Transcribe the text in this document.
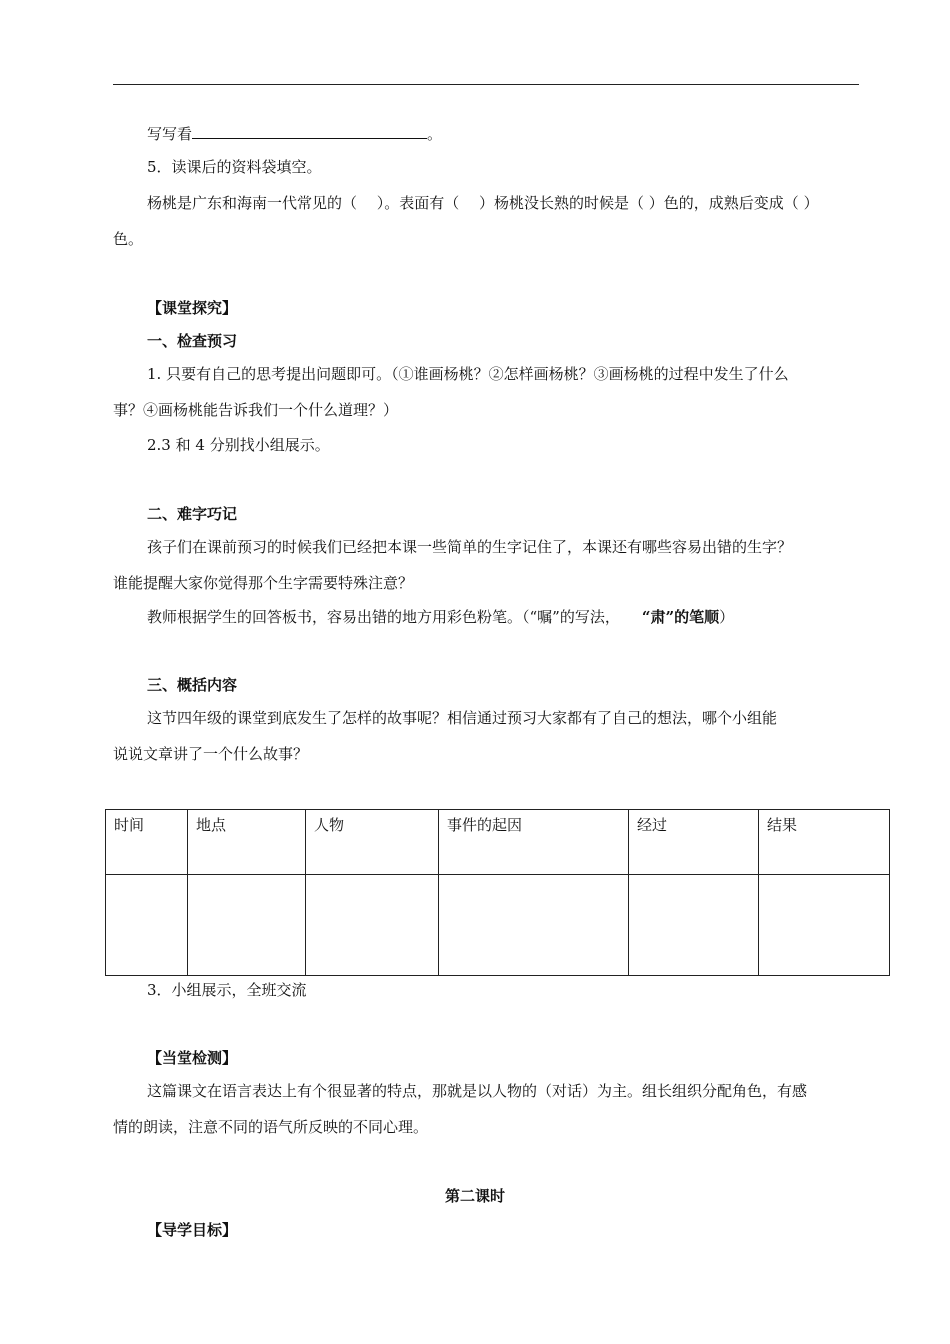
写写看	。
5．读课后的资料袋填空。
杨桃是广东和海南一代常见的（　 ）。表面有（　 ）杨桃没长熟的时候是（ ）色的，成熟后变成（ ）
色。
【课堂探究】
一、检查预习
1. 只要有自己的思考提出问题即可。（①谁画杨桃？②怎样画杨桃？③画杨桃的过程中发生了什么
事？④画杨桃能告诉我们一个什么道理？）
2.3 和 4 分别找小组展示。
二、难字巧记
孩子们在课前预习的时候我们已经把本课一些简单的生字记住了，本课还有哪些容易出错的生字？
谁能提醒大家你觉得那个生字需要特殊注意？
教师根据学生的回答板书，容易出错的地方用彩色粉笔。（“嘱”的写法， “肃”的笔顺）
三、概括内容
这节四年级的课堂到底发生了怎样的故事呢？相信通过预习大家都有了自己的想法，哪个小组能
说说文章讲了一个什么故事？
时间	地点	人物	事件的起因	经过	结果

3．小组展示，全班交流
【当堂检测】
这篇课文在语言表达上有个很显著的特点，那就是以人物的（对话）为主。组长组织分配角色，有感
情的朗读，注意不同的语气所反映的不同心理。
第二课时
【导学目标】
